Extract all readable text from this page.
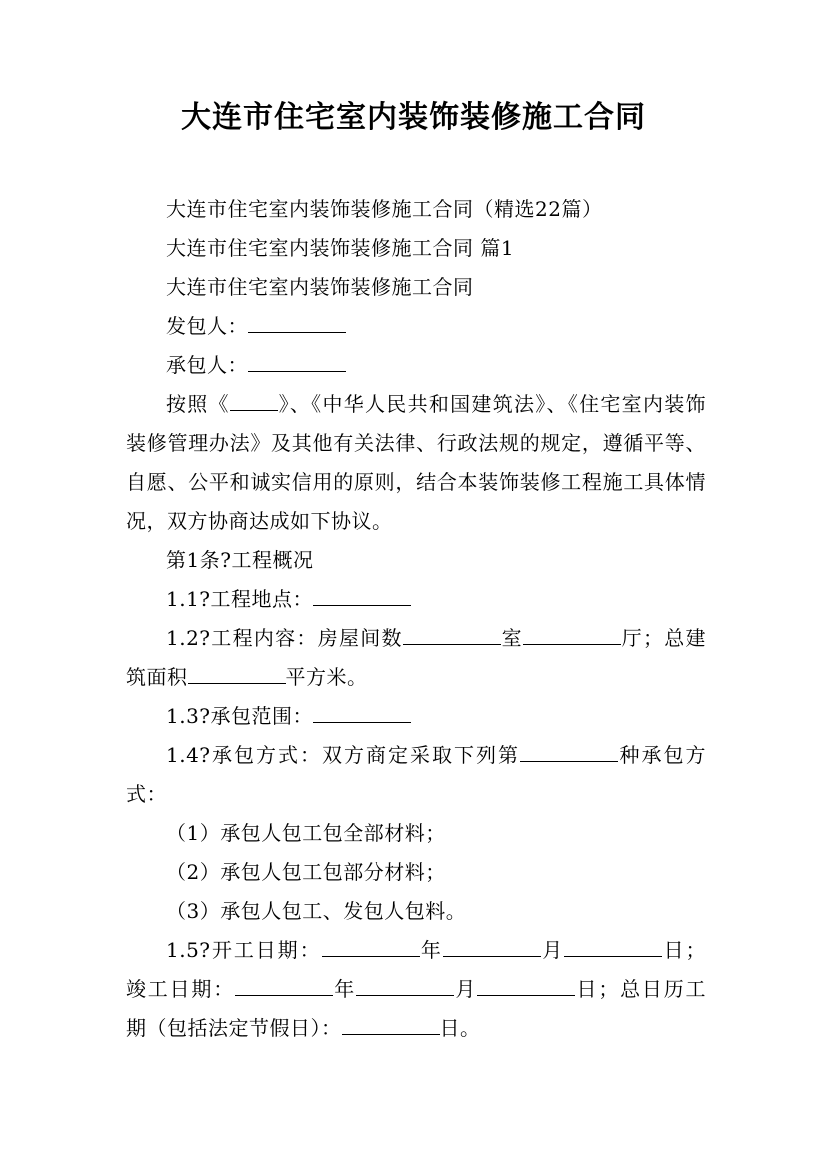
大连市住宅室内装饰装修施工合同

大连市住宅室内装饰装修施工合同（精选22篇）

大连市住宅室内装饰装修施工合同 篇1

大连市住宅室内装饰装修施工合同

发包人：

承包人：

按照《 》、《中华人民共和国建筑法》、《住宅室内装饰装修管理办法》及其他有关法律、行政法规的规定，遵循平等、自愿、公平和诚实信用的原则，结合本装饰装修工程施工具体情况，双方协商达成如下协议。

第1条?工程概况

1.1?工程地点：

1.2?工程内容：房屋间数	室	厅；总建筑面积	平方米。

1.3?承包范围：

1.4?承包方式：双方商定采取下列第	种承包方式：

（1）承包人包工包全部材料；

（2）承包人包工包部分材料；

（3）承包人包工、发包人包料。

1.5?开工日期：	年	月	日；竣工日期：	年	月	日；总日历工期（包括法定节假日）：	日。
